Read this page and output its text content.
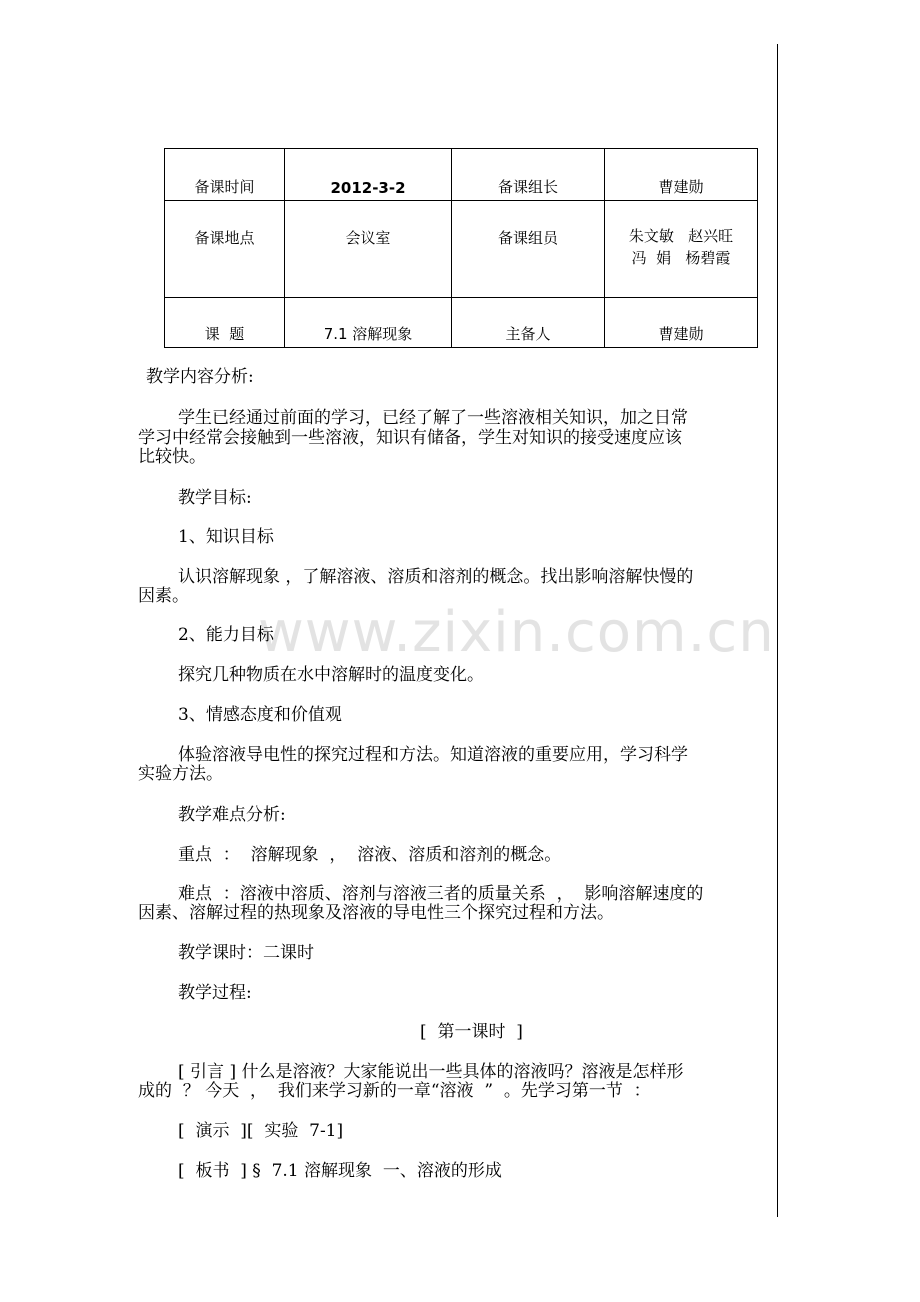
备课时间	2012-3-2	备课组长	曹建勋
备课地点	会议室	备课组员	朱文敏   赵兴旺
冯  娟   杨碧霞

课  题	7.1 溶解现象	主备人	曹建勋
www.zixin.com.cn
教学内容分析:
学生已经通过前面的学习，已经了解了一些溶液相关知识，加之日常
学习中经常会接触到一些溶液，知识有储备，学生对知识的接受速度应该
比较快。
教学目标:
1、知识目标
认识溶解现象 ，了解溶液、溶质和溶剂的概念。找出影响溶解快慢的
因素。
2、能力目标
探究几种物质在水中溶解时的温度变化。
3、情感态度和价值观
体验溶液导电性的探究过程和方法。知道溶液的重要应用，学习科学
实验方法。
教学难点分析:
重点  ：  溶解现象  ，  溶液、溶质和溶剂的概念。
难点  ：溶液中溶质、溶剂与溶液三者的质量关系  ，  影响溶解速度的
因素、溶解过程的热现象及溶液的导电性三个探究过程和方法。
教学课时：二课时
教学过程:
[  第一课时  ]
[ 引言 ] 什么是溶液？大家能说出一些具体的溶液吗？溶液是怎样形
成的  ？ 今天  ，  我们来学习新的一章“溶液  ”  。先学习第一节  ：
[  演示  ][  实验  7-1]
[  板书  ] §  7.1 溶解现象  一、溶液的形成
